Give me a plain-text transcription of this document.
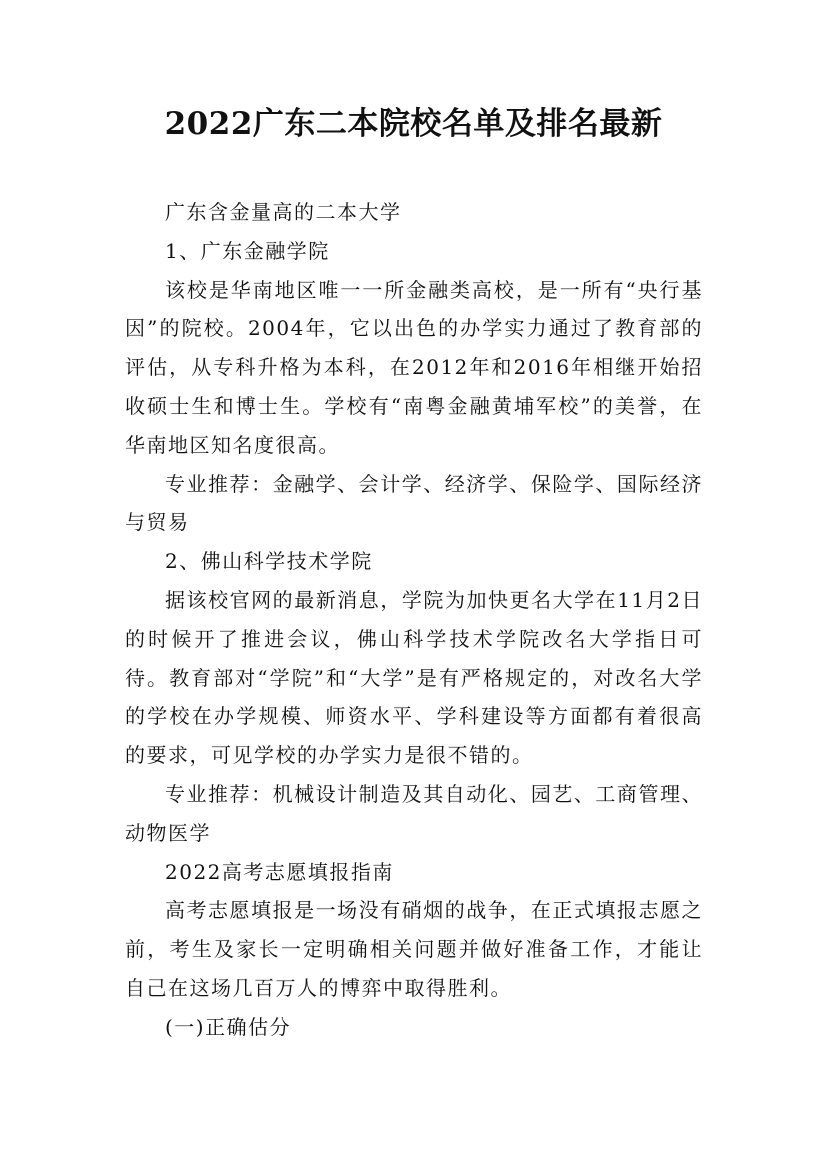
2022广东二本院校名单及排名最新

广东含金量高的二本大学

1、广东金融学院

该校是华南地区唯一一所金融类高校，是一所有“央行基因”的院校。2004年，它以出色的办学实力通过了教育部的评估，从专科升格为本科，在2012年和2016年相继开始招收硕士生和博士生。学校有“南粤金融黄埔军校”的美誉，在华南地区知名度很高。

专业推荐：金融学、会计学、经济学、保险学、国际经济与贸易

2、佛山科学技术学院

据该校官网的最新消息，学院为加快更名大学在11月2日的时候开了推进会议，佛山科学技术学院改名大学指日可待。教育部对“学院”和“大学”是有严格规定的，对改名大学的学校在办学规模、师资水平、学科建设等方面都有着很高的要求，可见学校的办学实力是很不错的。

专业推荐：机械设计制造及其自动化、园艺、工商管理、动物医学

2022高考志愿填报指南

高考志愿填报是一场没有硝烟的战争，在正式填报志愿之前，考生及家长一定明确相关问题并做好准备工作，才能让自己在这场几百万人的博弈中取得胜利。

(一)正确估分
